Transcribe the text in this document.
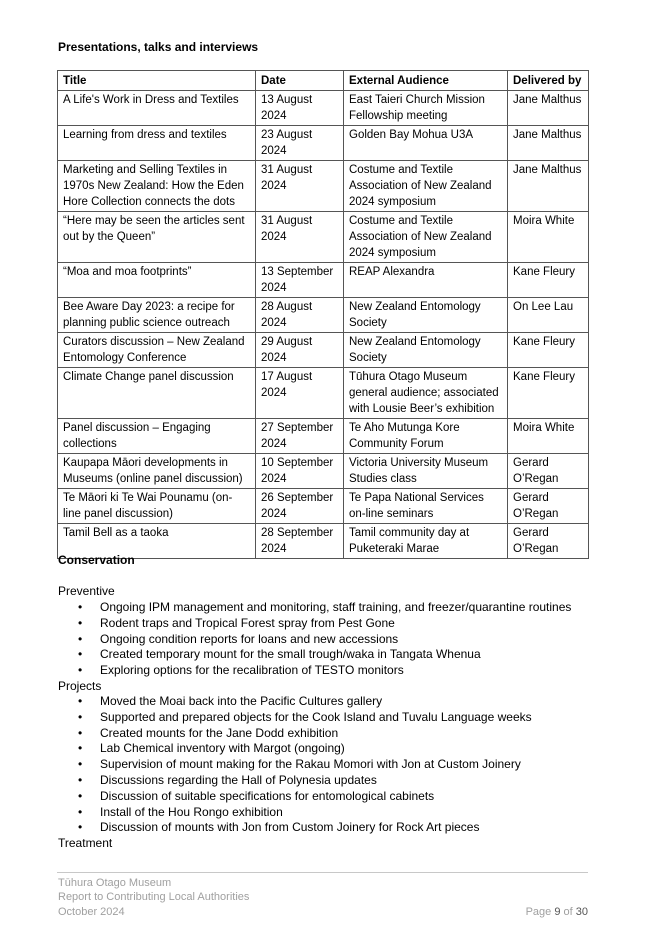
Presentations, talks and interviews
Title	Date	External Audience	Delivered by
A Life's Work in Dress and Textiles	13 August 2024	East Taieri Church Mission Fellowship meeting	Jane Malthus
Learning from dress and textiles	23 August 2024	Golden Bay Mohua U3A	Jane Malthus
Marketing and Selling Textiles in 1970s New Zealand: How the Eden Hore Collection connects the dots	31 August 2024	Costume and Textile Association of New Zealand 2024 symposium	Jane Malthus
“Here may be seen the articles sent out by the Queen”	31 August 2024	Costume and Textile Association of New Zealand 2024 symposium	Moira White
“Moa and moa footprints”	13 September 2024	REAP Alexandra	Kane Fleury
Bee Aware Day 2023: a recipe for planning public science outreach	28 August 2024	New Zealand Entomology Society	On Lee Lau
Curators discussion – New Zealand Entomology Conference	29 August 2024	New Zealand Entomology Society	Kane Fleury
Climate Change panel discussion	17 August 2024	Tūhura Otago Museum general audience; associated with Lousie Beer’s exhibition	Kane Fleury
Panel discussion – Engaging collections	27 September 2024	Te Aho Mutunga Kore Community Forum	Moira White
Kaupapa Māori developments in Museums (online panel discussion)	10 September 2024	Victoria University Museum Studies class	Gerard O’Regan
Te Māori ki Te Wai Pounamu (on-line panel discussion)	26 September 2024	Te Papa National Services on-line seminars	Gerard O’Regan
Tamil Bell as a taoka	28 September 2024	Tamil community day at Puketeraki Marae	Gerard O’Regan
Conservation
Preventive
• Ongoing IPM management and monitoring, staff training, and freezer/quarantine routines
• Rodent traps and Tropical Forest spray from Pest Gone
• Ongoing condition reports for loans and new accessions
• Created temporary mount for the small trough/waka in Tangata Whenua
• Exploring options for the recalibration of TESTO monitors
Projects
• Moved the Moai back into the Pacific Cultures gallery
• Supported and prepared objects for the Cook Island and Tuvalu Language weeks
• Created mounts for the Jane Dodd exhibition
• Lab Chemical inventory with Margot (ongoing)
• Supervision of mount making for the Rakau Momori with Jon at Custom Joinery
• Discussions regarding the Hall of Polynesia updates
• Discussion of suitable specifications for entomological cabinets
• Install of the Hou Rongo exhibition
• Discussion of mounts with Jon from Custom Joinery for Rock Art pieces
Treatment
Tūhura Otago Museum
Report to Contributing Local Authorities
October 2024	Page 9 of 30
